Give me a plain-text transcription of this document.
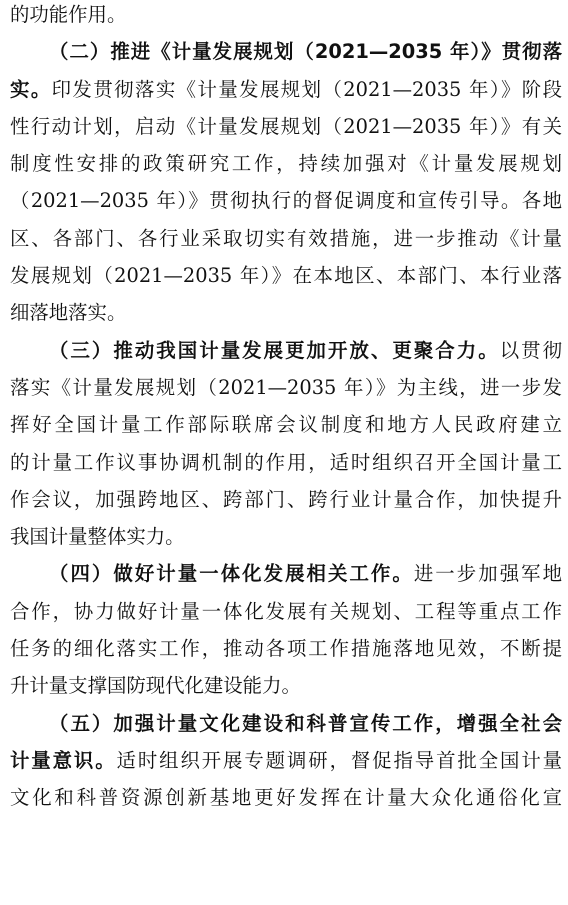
的功能作用。
（二）推进《计量发展规划（2021—2035 年）》贯彻落
实。印发贯彻落实《计量发展规划（2021—2035 年）》阶段
性行动计划，启动《计量发展规划（2021—2035 年）》有关
制度性安排的政策研究工作，持续加强对《计量发展规划
（2021—2035 年）》贯彻执行的督促调度和宣传引导。各地
区、各部门、各行业采取切实有效措施，进一步推动《计量
发展规划（2021—2035 年）》在本地区、本部门、本行业落
细落地落实。
（三）推动我国计量发展更加开放、更聚合力。以贯彻
落实《计量发展规划（2021—2035 年）》为主线，进一步发
挥好全国计量工作部际联席会议制度和地方人民政府建立
的计量工作议事协调机制的作用，适时组织召开全国计量工
作会议，加强跨地区、跨部门、跨行业计量合作，加快提升
我国计量整体实力。
（四）做好计量一体化发展相关工作。进一步加强军地
合作，协力做好计量一体化发展有关规划、工程等重点工作
任务的细化落实工作，推动各项工作措施落地见效，不断提
升计量支撑国防现代化建设能力。
（五）加强计量文化建设和科普宣传工作，增强全社会
计量意识。适时组织开展专题调研，督促指导首批全国计量
文化和科普资源创新基地更好发挥在计量大众化通俗化宣
